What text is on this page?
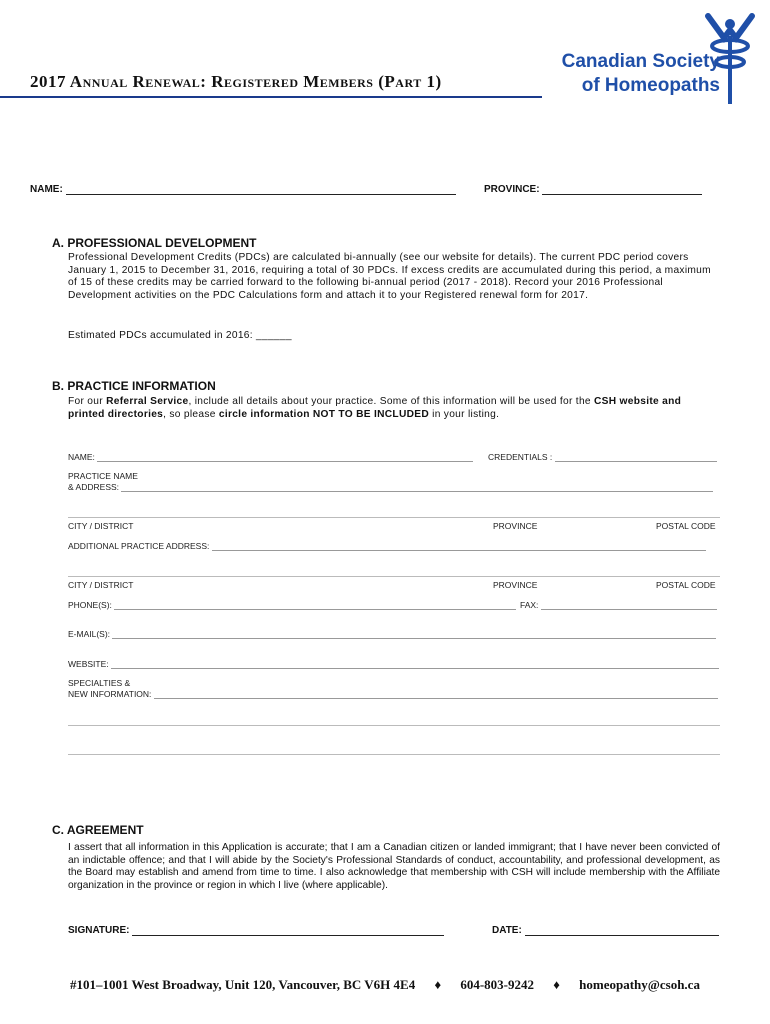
2017 Annual Renewal: Registered Members (Part 1)
Canadian Society
of Homeopaths
NAME:	PROVINCE:
A. PROFESSIONAL DEVELOPMENT
Professional Development Credits (PDCs) are calculated bi-annually (see our website for details). The current PDC period covers January 1, 2015 to December 31, 2016, requiring a total of 30 PDCs. If excess credits are accumulated during this period, a maximum of 15 of these credits may be carried forward to the following bi-annual period (2017 - 2018). Record your 2016 Professional Development activities on the PDC Calculations form and attach it to your Registered renewal form for 2017.
Estimated PDCs accumulated in 2016: ______
B. PRACTICE INFORMATION
For our Referral Service, include all details about your practice. Some of this information will be used for the CSH website and printed directories, so please circle information NOT TO BE INCLUDED in your listing.
NAME:	CREDENTIALS :
PRACTICE NAME
& ADDRESS:
CITY / DISTRICT	PROVINCE	POSTAL CODE
ADDITIONAL PRACTICE ADDRESS:
CITY / DISTRICT	PROVINCE	POSTAL CODE
PHONE(S):	FAX:
E-MAIL(S):
WEBSITE:
SPECIALTIES &
NEW INFORMATION:
C. AGREEMENT
I assert that all information in this Application is accurate; that I am a Canadian citizen or landed immigrant; that I have never been convicted of an indictable offence; and that I will abide by the Society's Professional Standards of conduct, accountability, and professional development, as the Board may establish and amend from time to time. I also acknowledge that membership with CSH will include membership with the Affiliate organization in the province or region in which I live (where applicable).
SIGNATURE:	DATE:
#101–1001 West Broadway, Unit 120, Vancouver, BC V6H 4E4 ♦ 604-803-9242 ♦ homeopathy@csoh.ca
